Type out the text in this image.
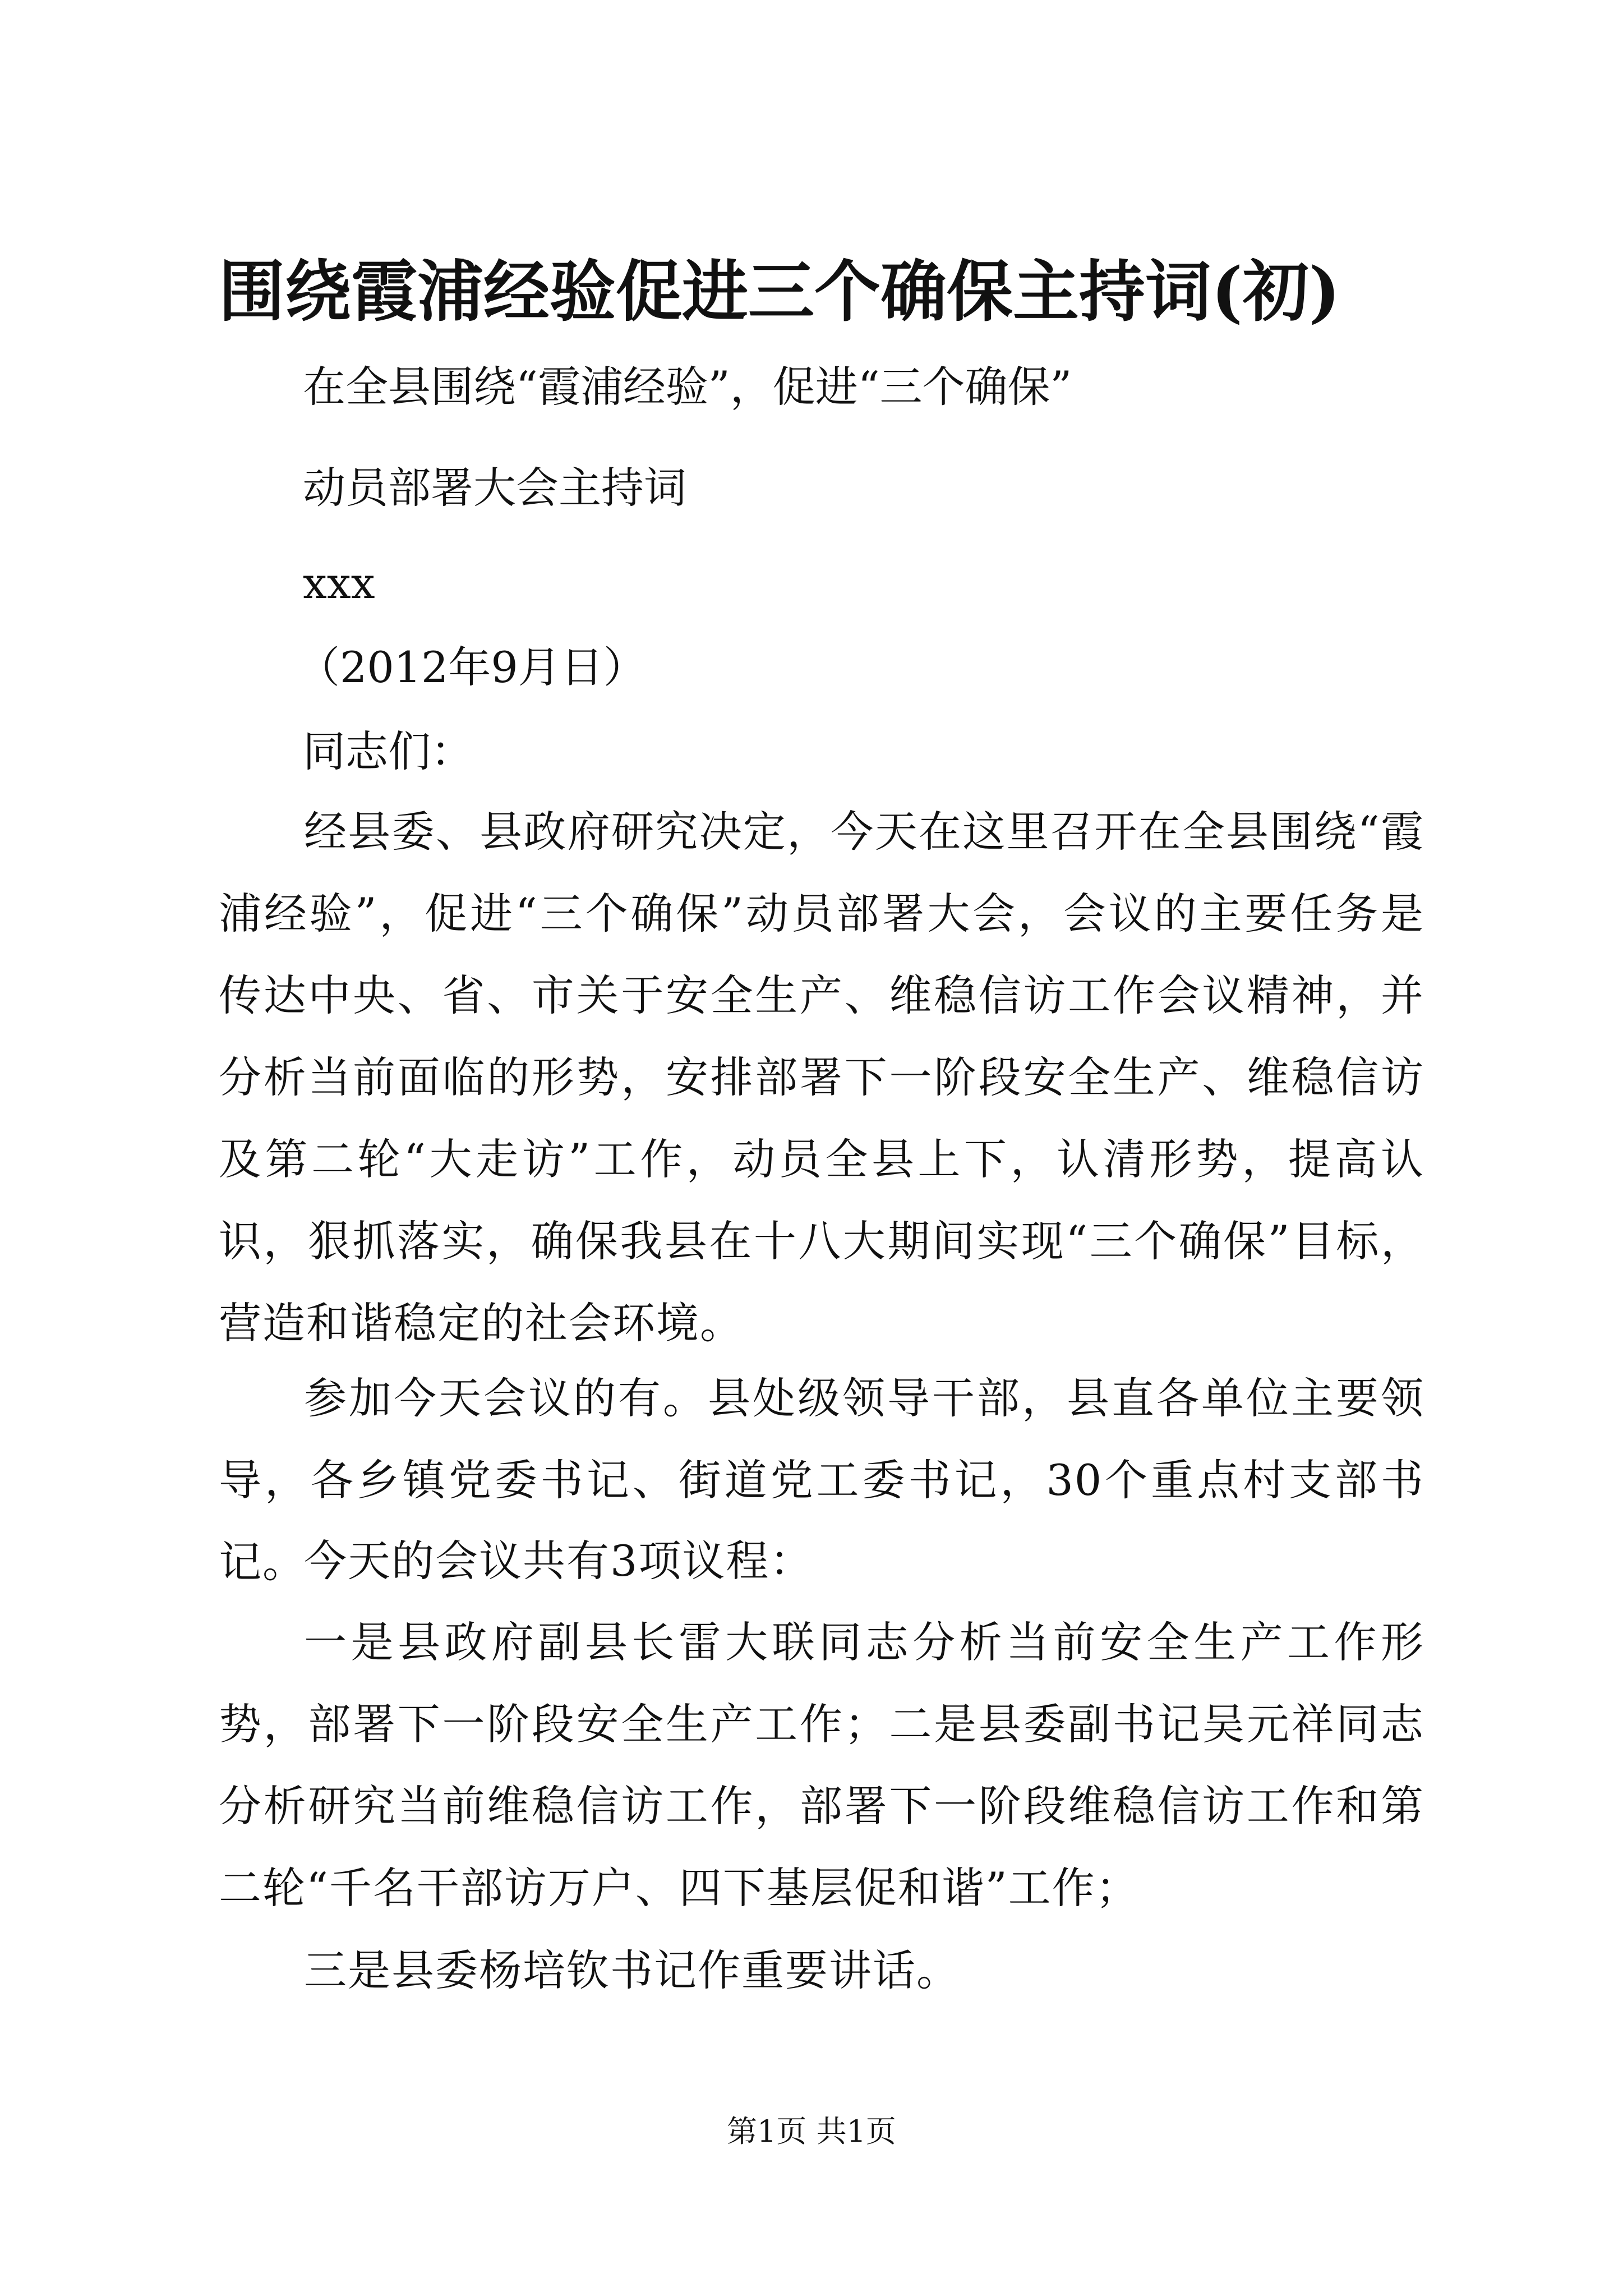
围绕霞浦经验促进三个确保主持词(初)
在全县围绕“霞浦经验”，促进“三个确保”
动员部署大会主持词
xxx
（2012年9月日）
同志们：
经县委、县政府研究决定，今天在这里召开在全县围绕“霞浦经验”，促进“三个确保”动员部署大会，会议的主要任务是传达中央、省、市关于安全生产、维稳信访工作会议精神，并分析当前面临的形势，安排部署下一阶段安全生产、维稳信访及第二轮“大走访”工作，动员全县上下，认清形势，提高认识，狠抓落实，确保我县在十八大期间实现“三个确保”目标，营造和谐稳定的社会环境。
参加今天会议的有。县处级领导干部，县直各单位主要领导，各乡镇党委书记、街道党工委书记，30个重点村支部书记。
今天的会议共有3项议程：
一是县政府副县长雷大联同志分析当前安全生产工作形势，部署下一阶段安全生产工作；二是县委副书记吴元祥同志分析研究当前维稳信访工作，部署下一阶段维稳信访工作和第二轮“千名干部访万户、四下基层促和谐”工作；
三是县委杨培钦书记作重要讲话。
第1页 共1页
